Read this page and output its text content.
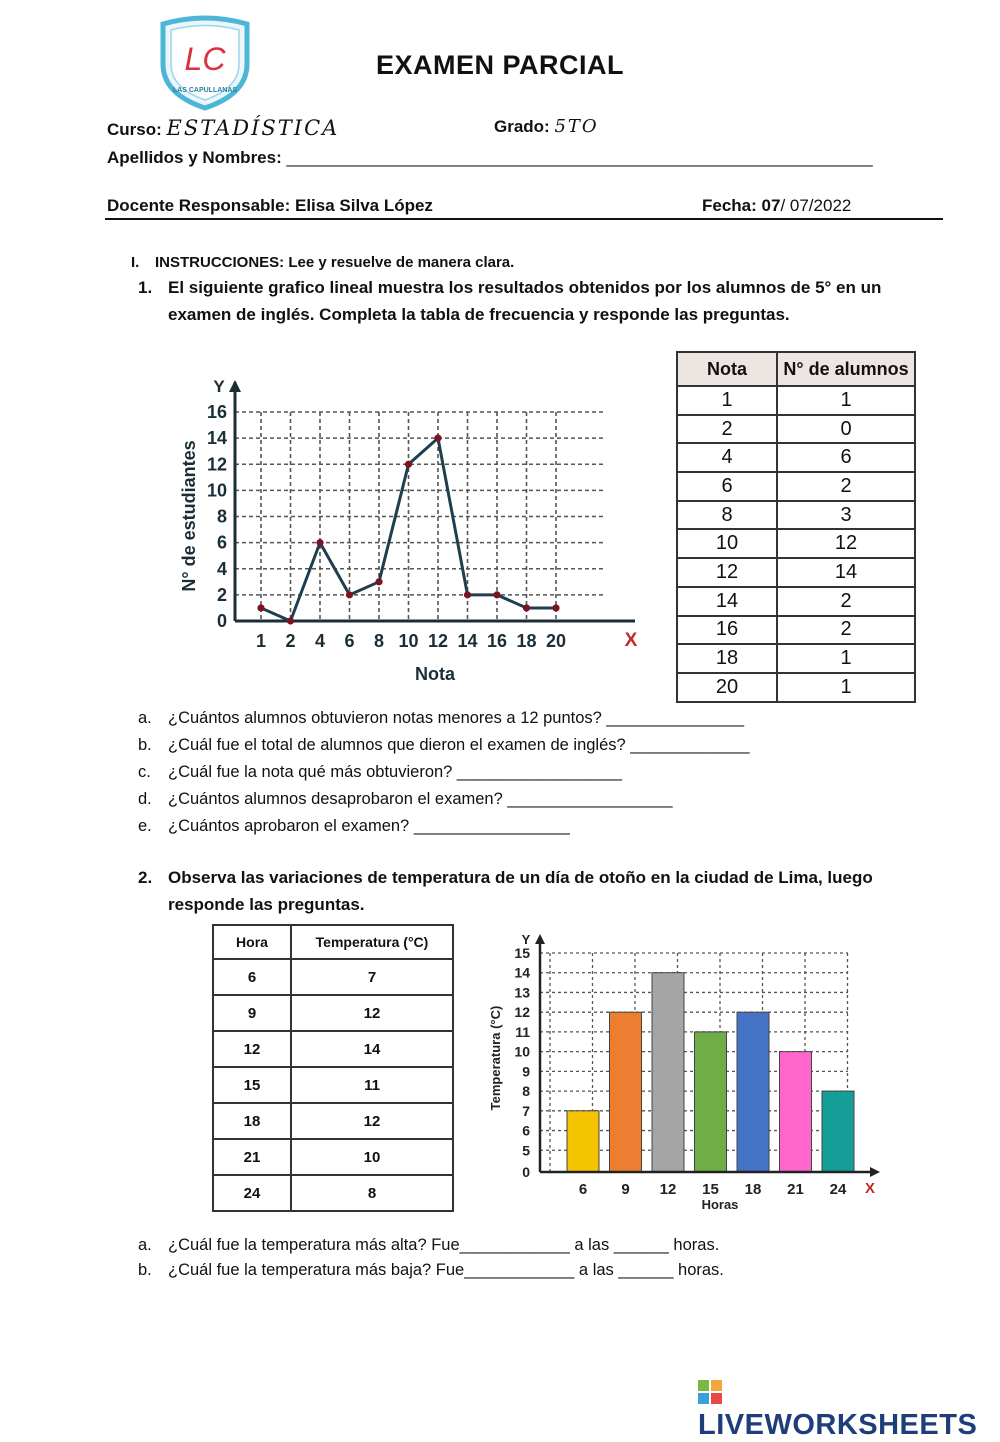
LC
LAS CAPULLANAS
EXAMEN PARCIAL
Curso: ESTADÍSTICA	Grado: 5TO
Apellidos y Nombres: ______________________________________________________________
Docente Responsable: Elisa Silva López	Fecha: 07/ 07/2022
I. INSTRUCCIONES: Lee y resuelve de manera clara.
1. El siguiente grafico lineal muestra los resultados obtenidos por los alumnos de 5° en un
examen de inglés. Completa la tabla de frecuencia y responde las preguntas.
Y
X
0
2
4
6
8
10
12
14
16
1 2 4 6 8 10 12 14 16 18 20
Nota
N° de estudiantes
Nota	N° de alumnos
1	1
2	0
4	6
6	2
8	3
10	12
12	14
14	2
16	2
18	1
20	1
a. ¿Cuántos alumnos obtuvieron notas menores a 12 puntos? _______________
b. ¿Cuál fue el total de alumnos que dieron el examen de inglés? _____________
c. ¿Cuál fue la nota qué más obtuvieron? __________________
d. ¿Cuántos alumnos desaprobaron el examen? __________________
e. ¿Cuántos aprobaron el examen? _________________
2. Observa las variaciones de temperatura de un día de otoño en la ciudad de Lima, luego
responde las preguntas.
Hora	Temperatura (°C)
6	7
9	12
12	14
15	11
18	12
21	10
24	8
Y
X
0
5
6
7
8
9
10
11
12
13
14
15
6 9 12 15 18 21 24
Horas
Temperatura (°C)
a. ¿Cuál fue la temperatura más alta? Fue____________ a las ______ horas.
b. ¿Cuál fue la temperatura más baja? Fue____________ a las ______ horas.
LIVEWORKSHEETS
